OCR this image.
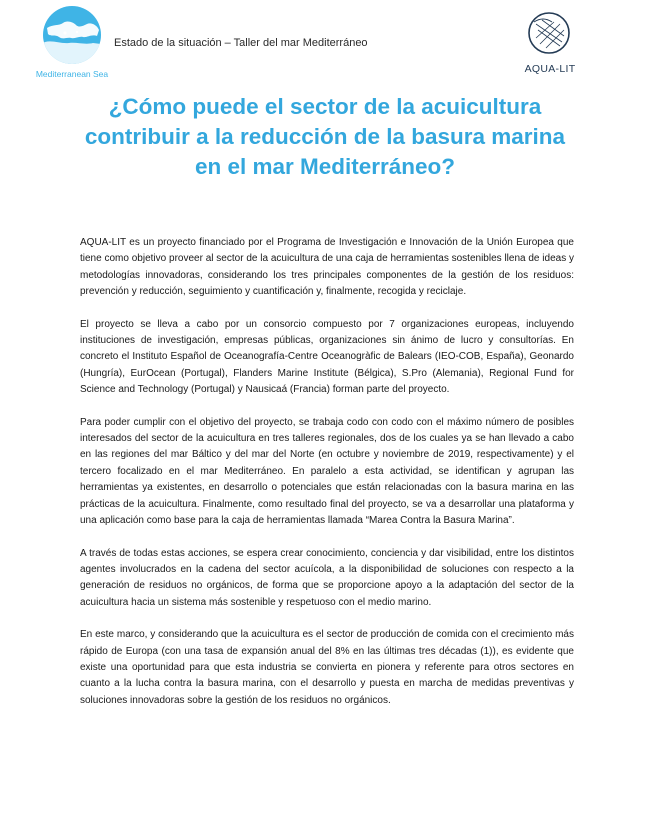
Mediterranean Sea
Estado de la situación – Taller del mar Mediterráneo
AQUA-LIT
¿Cómo puede el sector de la acuicultura contribuir a la reducción de la basura marina en el mar Mediterráneo?

AQUA-LIT es un proyecto financiado por el Programa de Investigación e Innovación de la Unión Europea que tiene como objetivo proveer al sector de la acuicultura de una caja de herramientas sostenibles llena de ideas y metodologías innovadoras, considerando los tres principales componentes de la gestión de los residuos: prevención y reducción, seguimiento y cuantificación y, finalmente, recogida y reciclaje.

El proyecto se lleva a cabo por un consorcio compuesto por 7 organizaciones europeas, incluyendo instituciones de investigación, empresas públicas, organizaciones sin ánimo de lucro y consultorías. En concreto el Instituto Español de Oceanografía-Centre Oceanogràfic de Balears (IEO-COB, España), Geonardo (Hungría), EurOcean (Portugal), Flanders Marine Institute (Bélgica), S.Pro (Alemania), Regional Fund for Science and Technology (Portugal) y Nausicaá (Francia) forman parte del proyecto.

Para poder cumplir con el objetivo del proyecto, se trabaja codo con codo con el máximo número de posibles interesados del sector de la acuicultura en tres talleres regionales, dos de los cuales ya se han llevado a cabo en las regiones del mar Báltico y del mar del Norte (en octubre y noviembre de 2019, respectivamente) y el tercero focalizado en el mar Mediterráneo. En paralelo a esta actividad, se identifican y agrupan las herramientas ya existentes, en desarrollo o potenciales que están relacionadas con la basura marina en las prácticas de la acuicultura. Finalmente, como resultado final del proyecto, se va a desarrollar una plataforma y una aplicación como base para la caja de herramientas llamada “Marea Contra la Basura Marina”.

A través de todas estas acciones, se espera crear conocimiento, conciencia y dar visibilidad, entre los distintos agentes involucrados en la cadena del sector acuícola, a la disponibilidad de soluciones con respecto a la generación de residuos no orgánicos, de forma que se proporcione apoyo a la adaptación del sector de la acuicultura hacia un sistema más sostenible y respetuoso con el medio marino.

En este marco, y considerando que la acuicultura es el sector de producción de comida con el crecimiento más rápido de Europa (con una tasa de expansión anual del 8% en las últimas tres décadas (1)), es evidente que existe una oportunidad para que esta industria se convierta en pionera y referente para otros sectores en cuanto a la lucha contra la basura marina, con el desarrollo y puesta en marcha de medidas preventivas y soluciones innovadoras sobre la gestión de los residuos no orgánicos.
